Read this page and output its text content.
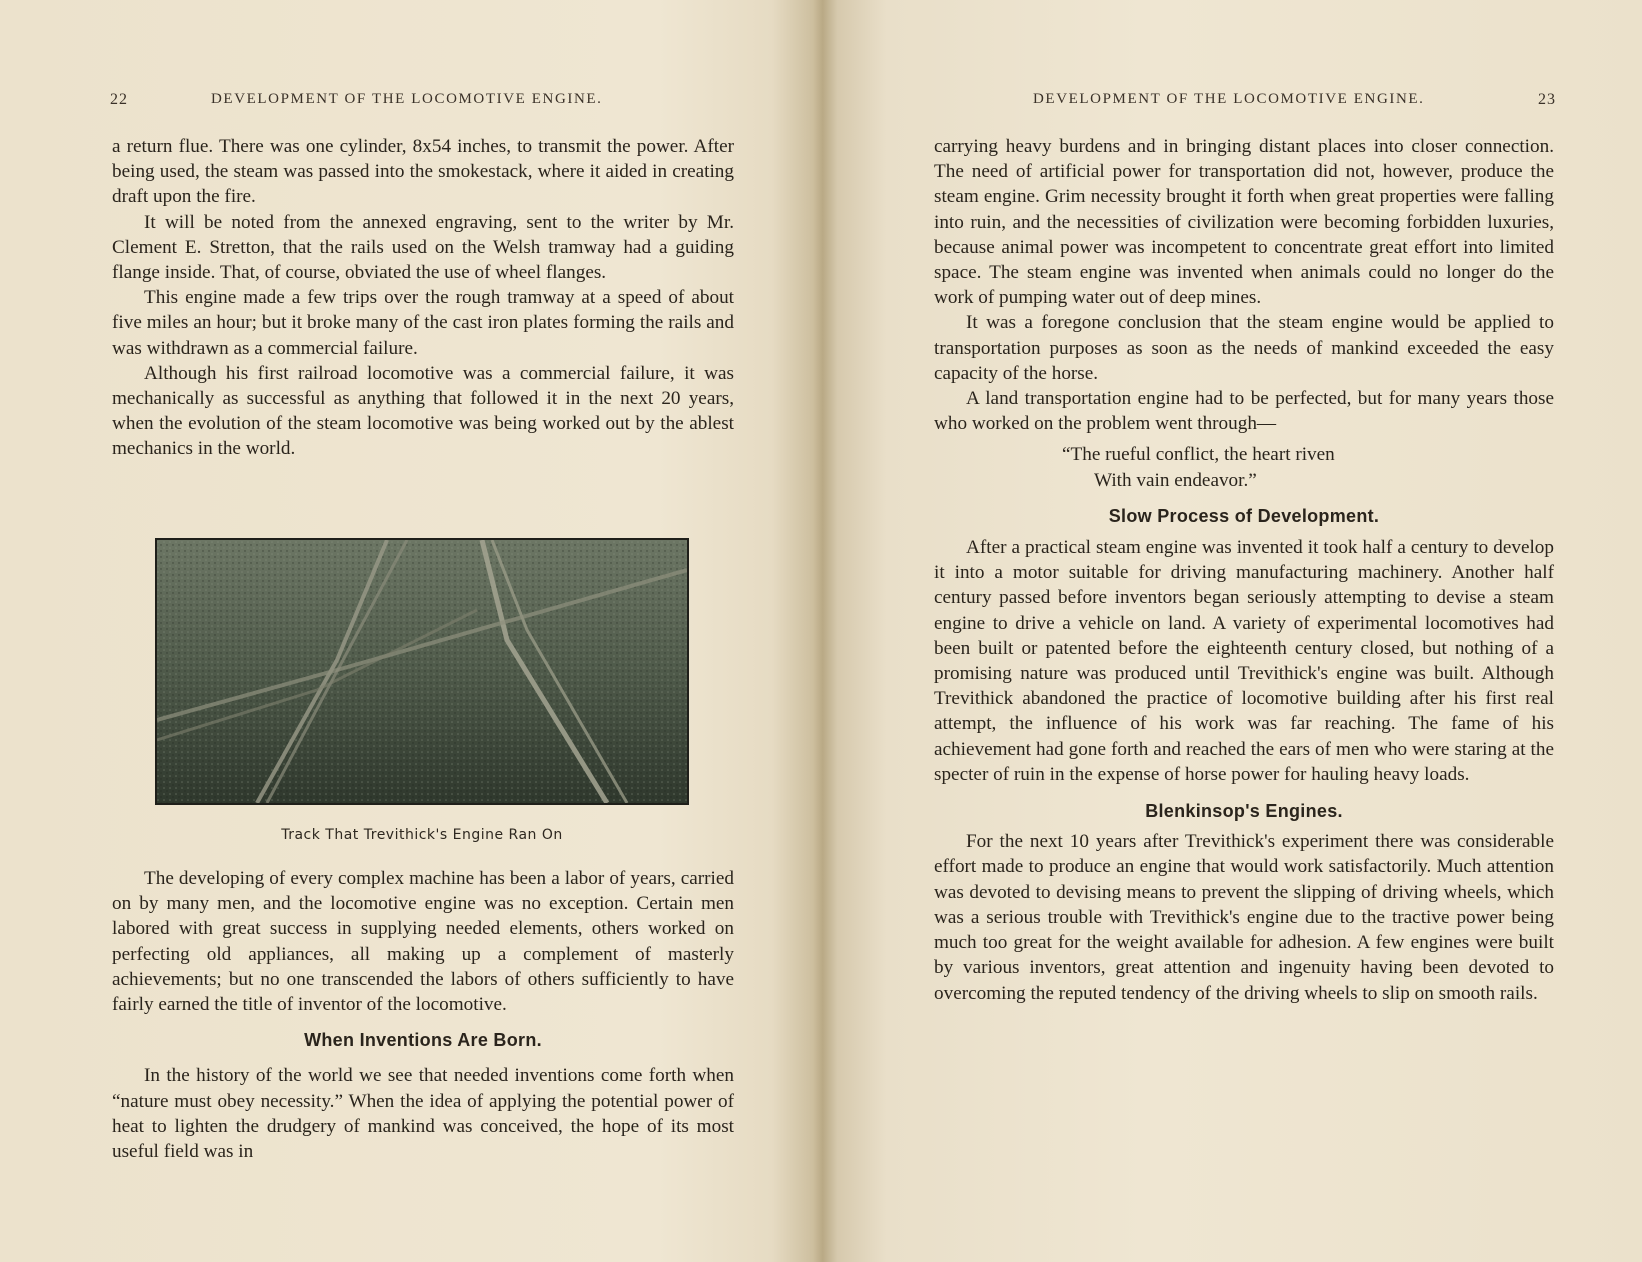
22	DEVELOPMENT OF THE LOCOMOTIVE ENGINE.

a return flue. There was one cylinder, 8x54 inches, to transmit the power. After being used, the steam was passed into the smokestack, where it aided in creating draft upon the fire.

It will be noted from the annexed engraving, sent to the writer by Mr. Clement E. Stretton, that the rails used on the Welsh tramway had a guiding flange inside. That, of course, obviated the use of wheel flanges.

This engine made a few trips over the rough tramway at a speed of about five miles an hour; but it broke many of the cast iron plates forming the rails and was withdrawn as a commercial failure.

Although his first railroad locomotive was a commercial failure, it was mechanically as successful as anything that followed it in the next 20 years, when the evolution of the steam locomotive was being worked out by the ablest mechanics in the world.

Track That Trevithick's Engine Ran On

The developing of every complex machine has been a labor of years, carried on by many men, and the locomotive engine was no exception. Certain men labored with great success in supplying needed elements, others worked on perfecting old appliances, all making up a complement of masterly achievements; but no one transcended the labors of others sufficiently to have fairly earned the title of inventor of the locomotive.

When Inventions Are Born.

In the history of the world we see that needed inventions come forth when “nature must obey necessity.” When the idea of applying the potential power of heat to lighten the drudgery of mankind was conceived, the hope of its most useful field was in

DEVELOPMENT OF THE LOCOMOTIVE ENGINE.	23

carrying heavy burdens and in bringing distant places into closer connection. The need of artificial power for transportation did not, however, produce the steam engine. Grim necessity brought it forth when great properties were falling into ruin, and the necessities of civilization were becoming forbidden luxuries, because animal power was incompetent to concentrate great effort into limited space. The steam engine was invented when animals could no longer do the work of pumping water out of deep mines.

It was a foregone conclusion that the steam engine would be applied to transportation purposes as soon as the needs of mankind exceeded the easy capacity of the horse.

A land transportation engine had to be perfected, but for many years those who worked on the problem went through—

“The rueful conflict, the heart riven
With vain endeavor.”
Slow Process of Development.

After a practical steam engine was invented it took half a century to develop it into a motor suitable for driving manufacturing machinery. Another half century passed before inventors began seriously attempting to devise a steam engine to drive a vehicle on land. A variety of experimental locomotives had been built or patented before the eighteenth century closed, but nothing of a promising nature was produced until Trevithick's engine was built. Although Trevithick abandoned the practice of locomotive building after his first real attempt, the influence of his work was far reaching. The fame of his achievement had gone forth and reached the ears of men who were staring at the specter of ruin in the expense of horse power for hauling heavy loads.

Blenkinsop's Engines.

For the next 10 years after Trevithick's experiment there was considerable effort made to produce an engine that would work satisfactorily. Much attention was devoted to devising means to prevent the slipping of driving wheels, which was a serious trouble with Trevithick's engine due to the tractive power being much too great for the weight available for adhesion. A few engines were built by various inventors, great attention and ingenuity having been devoted to overcoming the reputed tendency of the driving wheels to slip on smooth rails.
